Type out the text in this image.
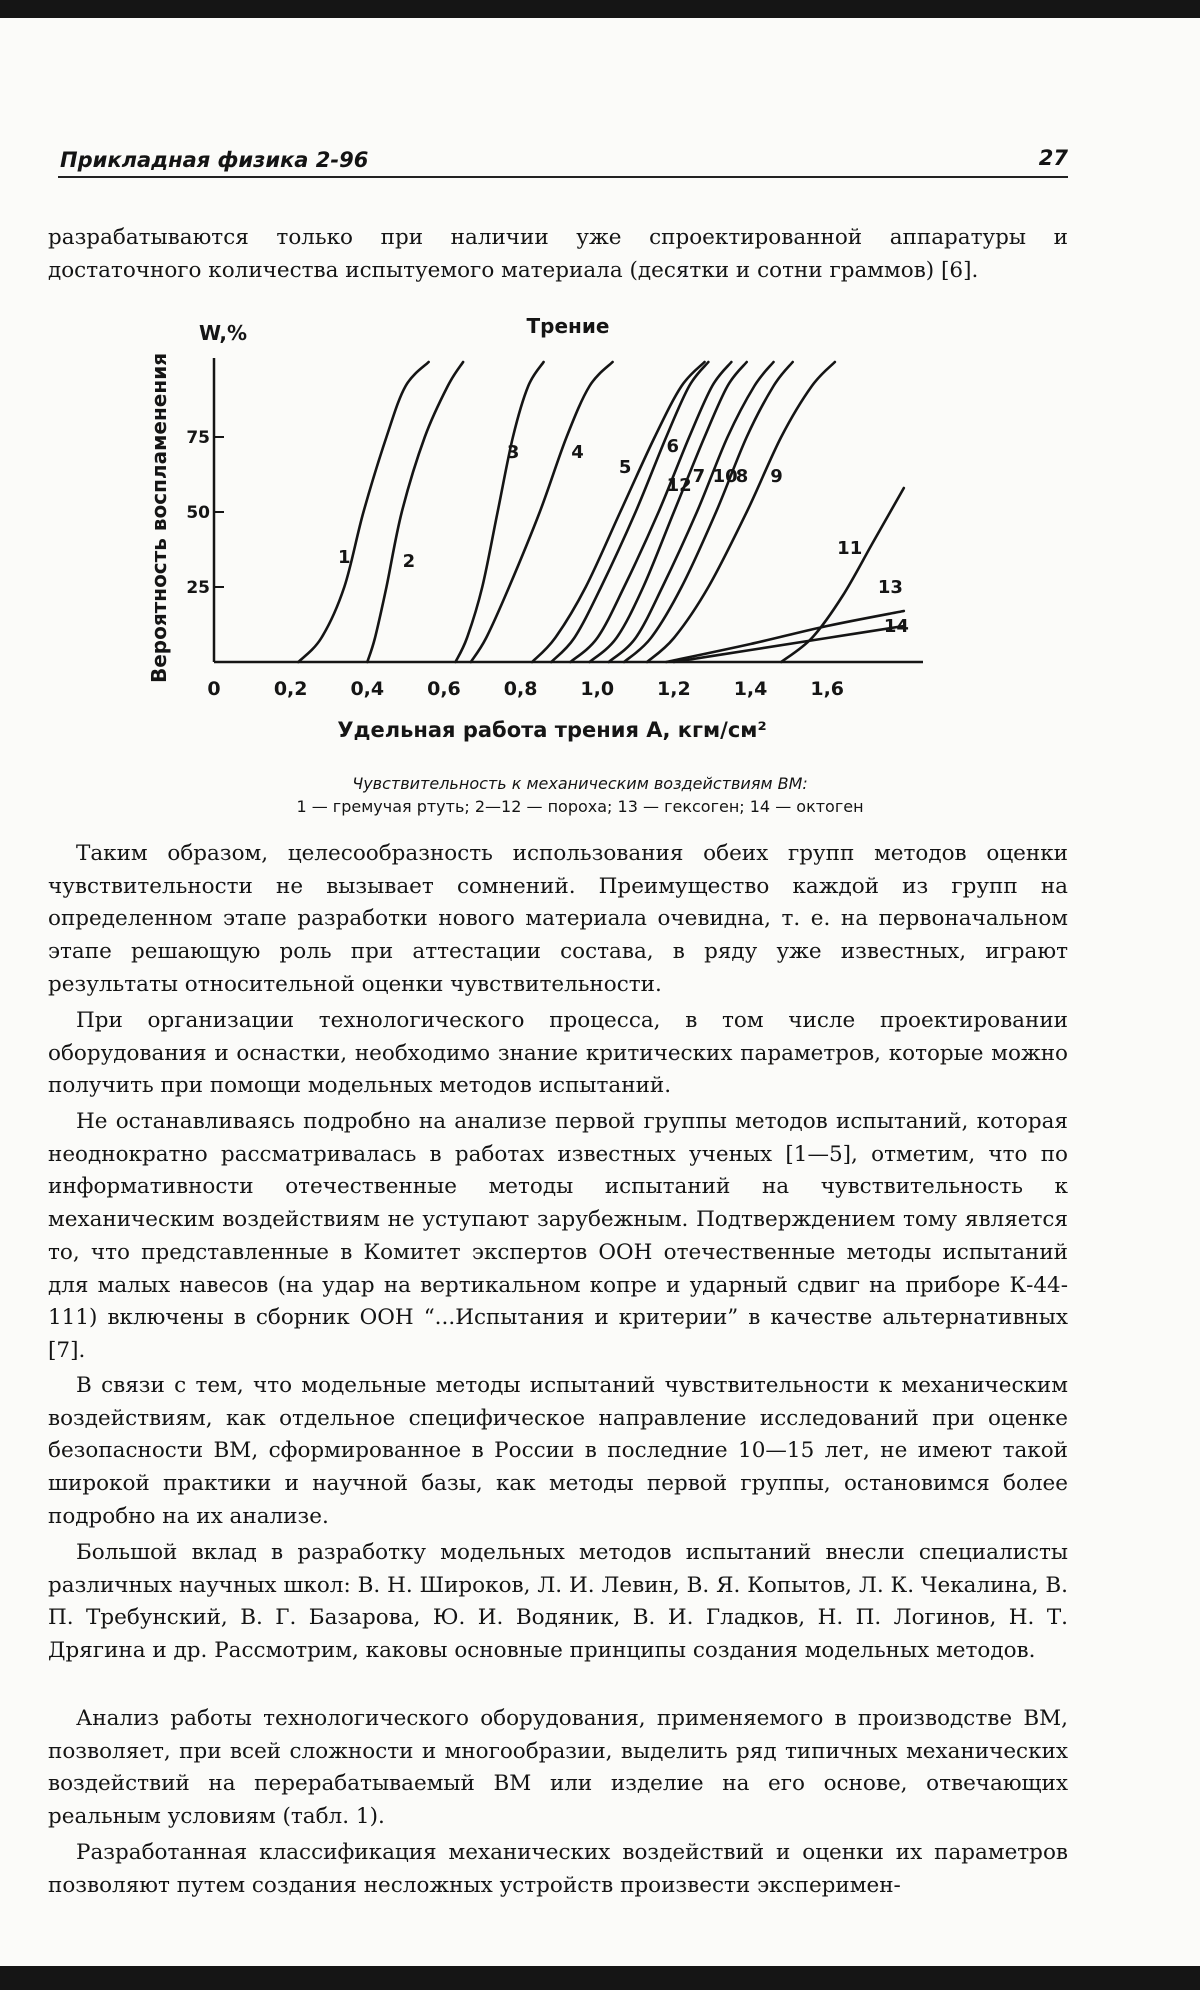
Прикладная физика 2-96	27

разрабатываются только при наличии уже спроектированной аппаратуры и достаточного количества испытуемого материала (десятки и сотни граммов) [6].

25
50
75
0	0,2 0,4 0,6 0,8 1,0 1,2 1,4 1,6
W,%	Трение
Удельная работа трения А, кгм/см²
Вероятность воспламенения	1	2
3	4
5
6
12 7 10
8 9
11
13
14
Чувствительность к механическим воздействиям ВМ:
1 — гремучая ртуть; 2—12 — пороха; 13 — гексоген; 14 — октоген

Таким образом, целесообразность использования обеих групп методов оценки чувствительности не вызывает сомнений. Преимущество каждой из групп на определенном этапе разработки нового материала очевидна, т. е. на первоначальном этапе решающую роль при аттестации состава, в ряду уже известных, играют результаты относительной оценки чувствительности.

При организации технологического процесса, в том числе проектировании оборудования и оснастки, необходимо знание критических параметров, которые можно получить при помощи модельных методов испытаний.

Не останавливаясь подробно на анализе первой группы методов испытаний, которая неоднократно рассматривалась в работах известных ученых [1—5], отметим, что по информативности отечественные методы испытаний на чувствительность к механическим воздействиям не уступают зарубежным. Подтверждением тому является то, что представленные в Комитет экспертов ООН отечественные методы испытаний для малых навесов (на удар на вертикальном копре и ударный сдвиг на приборе К-44-111) включены в сборник ООН “...Испытания и критерии” в качестве альтернативных [7].

В связи с тем, что модельные методы испытаний чувствительности к механическим воздействиям, как отдельное специфическое направление исследований при оценке безопасности ВМ, сформированное в России в последние 10—15 лет, не имеют такой широкой практики и научной базы, как методы первой группы, остановимся более подробно на их анализе.

Большой вклад в разработку модельных методов испытаний внесли специалисты различных научных школ: В. Н. Широков, Л. И. Левин, В. Я. Копытов, Л. К. Чекалина, В. П. Требунский, В. Г. Базарова, Ю. И. Водяник, В. И. Гладков, Н. П. Логинов, Н. Т. Дрягина и др. Рассмотрим, каковы основные принципы создания модельных методов.

Анализ работы технологического оборудования, применяемого в производстве ВМ, позволяет, при всей сложности и многообразии, выделить ряд типичных механических воздействий на перерабатываемый ВМ или изделие на его основе, отвечающих реальным условиям (табл. 1).

Разработанная классификация механических воздействий и оценки их параметров позволяют путем создания несложных устройств произвести эксперимен-
